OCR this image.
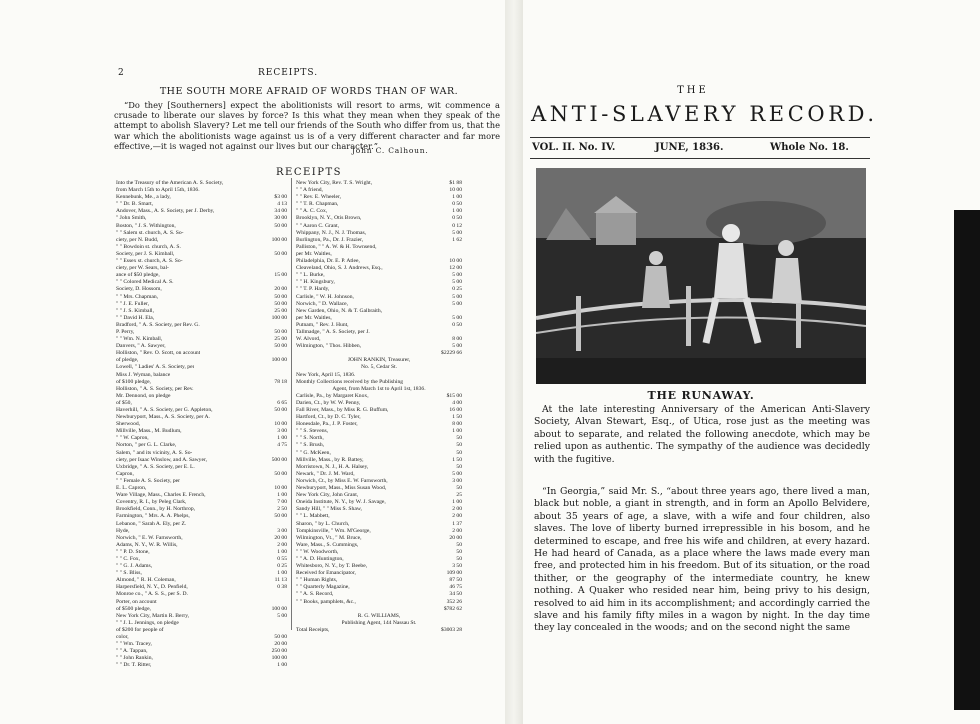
2	RECEIPTS.
THE SOUTH MORE AFRAID OF WORDS THAN OF WAR.
“Do they [Southerners] expect the abolitionists will resort to arms, wit commence a crusade to liberate our slaves by force? Is this what they mean when they speak of the attempt to abolish Slavery? Let me tell our friends of the South who differ from us, that the war which the abolitionists wage against us is of a very different character and far more effective,—it is waged not against our lives but our character.”
John C. Calhoun.
RECEIPTS
Into the Treasury of the American A. S. Society,
from March 15th to April 15th, 1836.
Kennebunk, Me., a lady,	$3 00
" " Dr. B. Smart,	4 13
Andover, Mass., A. S. Society, per J. Derby,	34 00
" John Smith,	30 00
Boston, " J. S. Withington,	50 00
" " Salem st. church, A. S. So-
ciety, per N. Budd,	100 00
" " Bowdoin st. church, A. S.
Society, per J. S. Kimball,	50 00
" " Essex st. church, A. S. So-
ciety, per W. Sears, bal-
ance of $50 pledge,	15 00
" " Colored Medical A. S.
Society, D. Hossom,	20 00
" " Mrs. Chapman,	50 00
" " J. E. Fuller,	50 00
" " J. S. Kimball,	25 00
" " David H. Ela,	100 00
Bradford, " A. S. Society, per Rev. G.
P. Perry,	50 00
" " Wm. N. Kimball,	25 00
Danvers, " A. Sawyer,	50 00
Holliston, " Rev. O. Scott, on account
of pledge,	100 00
Lowell, " Ladies' A. S. Society, per
Miss J. Wyman, balance
of $100 pledge,	78 18
Holliston, " A. S. Society, per Rev.
Mr. Dennond, on pledge
of $50,	6 65
Haverhill, " A. S. Society, per G. Appleton,	50 00
Newburyport, Mass., A. S. Society, per A.
Sherwood,	10 00
Millville, Mass., M. Budlum,	3 00
" " W. Capron,	1 00
Norton, " per G. L. Clarke,	4 75
Salem, " and its vicinity, A. S. So-
ciety, per Isaac Winslow, and A. Sawyer,	500 00
Uxbridge, " A. S. Society, per E. L.
Capron,	50 00
" " Female A. S. Society, per
E. L. Capron,	10 00
Ware Village, Mass., Charles E. French,	1 00
Coventry, R. I., by Peleg Clark,	7 00
Brookfield, Conn., by H. Northrop,	2 50
Farmington, " Mrs. A. A. Phelps,	50 00
Lebanon, " Sarah A. Ely, per Z.
Hyde,	3 00
Norwich, " E. W. Farnsworth,	20 00
Adams, N. Y., W. R. Willis,	2 00
" " P. D. Stone,	1 00
" " C. Fox,	0 55
" " G. J. Adams,	0 25
" " S. Bliss,	1 00
Almond, " R. H. Coleman,	11 13
Harpersfield, N. Y., D. Penfield,	0 38
Monroe co., " A. S. S., per S. D.
Porter, on account
of $500 pledge,	100 00
New York City, Martin R. Berry,	5 00
" " J. L. Jennings, on pledge
of $200 for people of
color,	50 00
" " Wm. Tracey,	20 00
" " A. Tappan,	250 00
" " John Rankin,	100 00
" " Dr. T. Ritter,	1 00
New York City, Rev. T. S. Wright,	$1 88
" " A friend,	10 00
" " Rev. E. Wheeler,	1 00
" " T. R. Chapman,	0 50
" " A. C. Cox,	1 00
Brooklyn, N. Y., Otis Brown,	0 50
" " Aaron C. Grant,	0 12
Whippany, N. J., N. J. Thomas,	5 00
Burlington, Pa., Dr. J. Frazier,	1 62
Palliston, " " A. W. & H. Townsend,
per Mr. Waitles,
Philadelphia, Dr. E. P. Atlee,	10 00
Cleaveland, Ohio, S. J. Andrews, Esq.,	12 00
" " L. Burke,	5 00
" " H. Kingsbury,	5 00
" " T. P. Hardy,	0 25
Carlisle, " W. H. Johnson,	5 00
Norwich, " D. Wallace,	5 00
New Garden, Ohio, N. & T. Galbraith,
per Mr. Waitles,	5 00
Putnam, " Rev. J. Hunt,	0 50
Tallmadge, " A. S. Society, per J.
W. Alvord,	8 00
Wilmington, " Thos. Hibben,	5 00
$2229 66
JOHN RANKIN, Treasurer,
No. 5, Cedar St.
New York, April 15, 1836.
Monthly Collections received by the Publishing
Agent, from March 1st to April 1st, 1836.
Carlisle, Pa., by Margaret Knox,	$15 00
Darien, Ct., by W. W. Penny,	4 00
Fall River, Mass., by Miss R. G. Buffum,	16 00
Hartford, Ct., by D. C. Tyler,	1 50
Honesdale, Pa., J. P. Foster,	8 00
" " S. Stevens,	1 00
" " S. North,	50
" " S. Brush,	50
" " G. McKeen,	50
Millville, Mass., by R. Battey,	1 50
Morristown, N. J., H. A. Halsey,	50
Newark, " Dr. J. M. Ward,	5 00
Norwich, Ct., by Miss E. W. Farnsworth,	3 00
Newburyport, Mass., Miss Susan Wood,	50
New York City, John Grant,	25
Oneida Institute, N. Y., by W. J. Savage,	1 00
Sandy Hill, " " Miss S. Shaw,	2 00
" " L. Mabbett,	2 00
Sharon, " by L. Church,	1 37
Tompkinsville, " Wm. M'George,	2 00
Wilmington, Vt., " M. Bruce,	20 00
Ware, Mass., S. Cummings,	50
" " W. Woodworth,	50
" " A. D. Huntington,	50
Whitesboro, N. Y., by T. Beebe,	3 50
Received for Emancipator,	109 00
" " Human Rights,	87 50
" " Quarterly Magazine,	46 75
" " A. S. Record,	34 50
" " Books, pamphlets, &c.,	352 26
$782 62
R. G. WILLIAMS,
Publishing Agent, 144 Nassau St.
Total Receipts,	$3003 28
THE
ANTI-SLAVERY RECORD.
VOL. II. No. IV.	JUNE, 1836.	Whole No. 18.
THE RUNAWAY.
At the late interesting Anniversary of the American Anti-Slavery Society, Alvan Stewart, Esq., of Utica, rose just as the meeting was about to separate, and related the following anecdote, which may be relied upon as authentic. The sympathy of the audience was decidedly with the fugitive.
“In Georgia,” said Mr. S., “about three years ago, there lived a man, black but noble, a giant in strength, and in form an Apollo Belvidere, about 35 years of age, a slave, with a wife and four children, also slaves. The love of liberty burned irrepressible in his bosom, and he determined to escape, and free his wife and children, at every hazard. He had heard of Canada, as a place where the laws made every man free, and protected him in his freedom. But of its situation, or the road thither, or the geography of the intermediate country, he knew nothing. A Quaker who resided near him, being privy to his design, resolved to aid him in its accomplishment; and accordingly carried the slave and his family fifty miles in a wagon by night. In the day time they lay concealed in the woods; and on the second night the same
